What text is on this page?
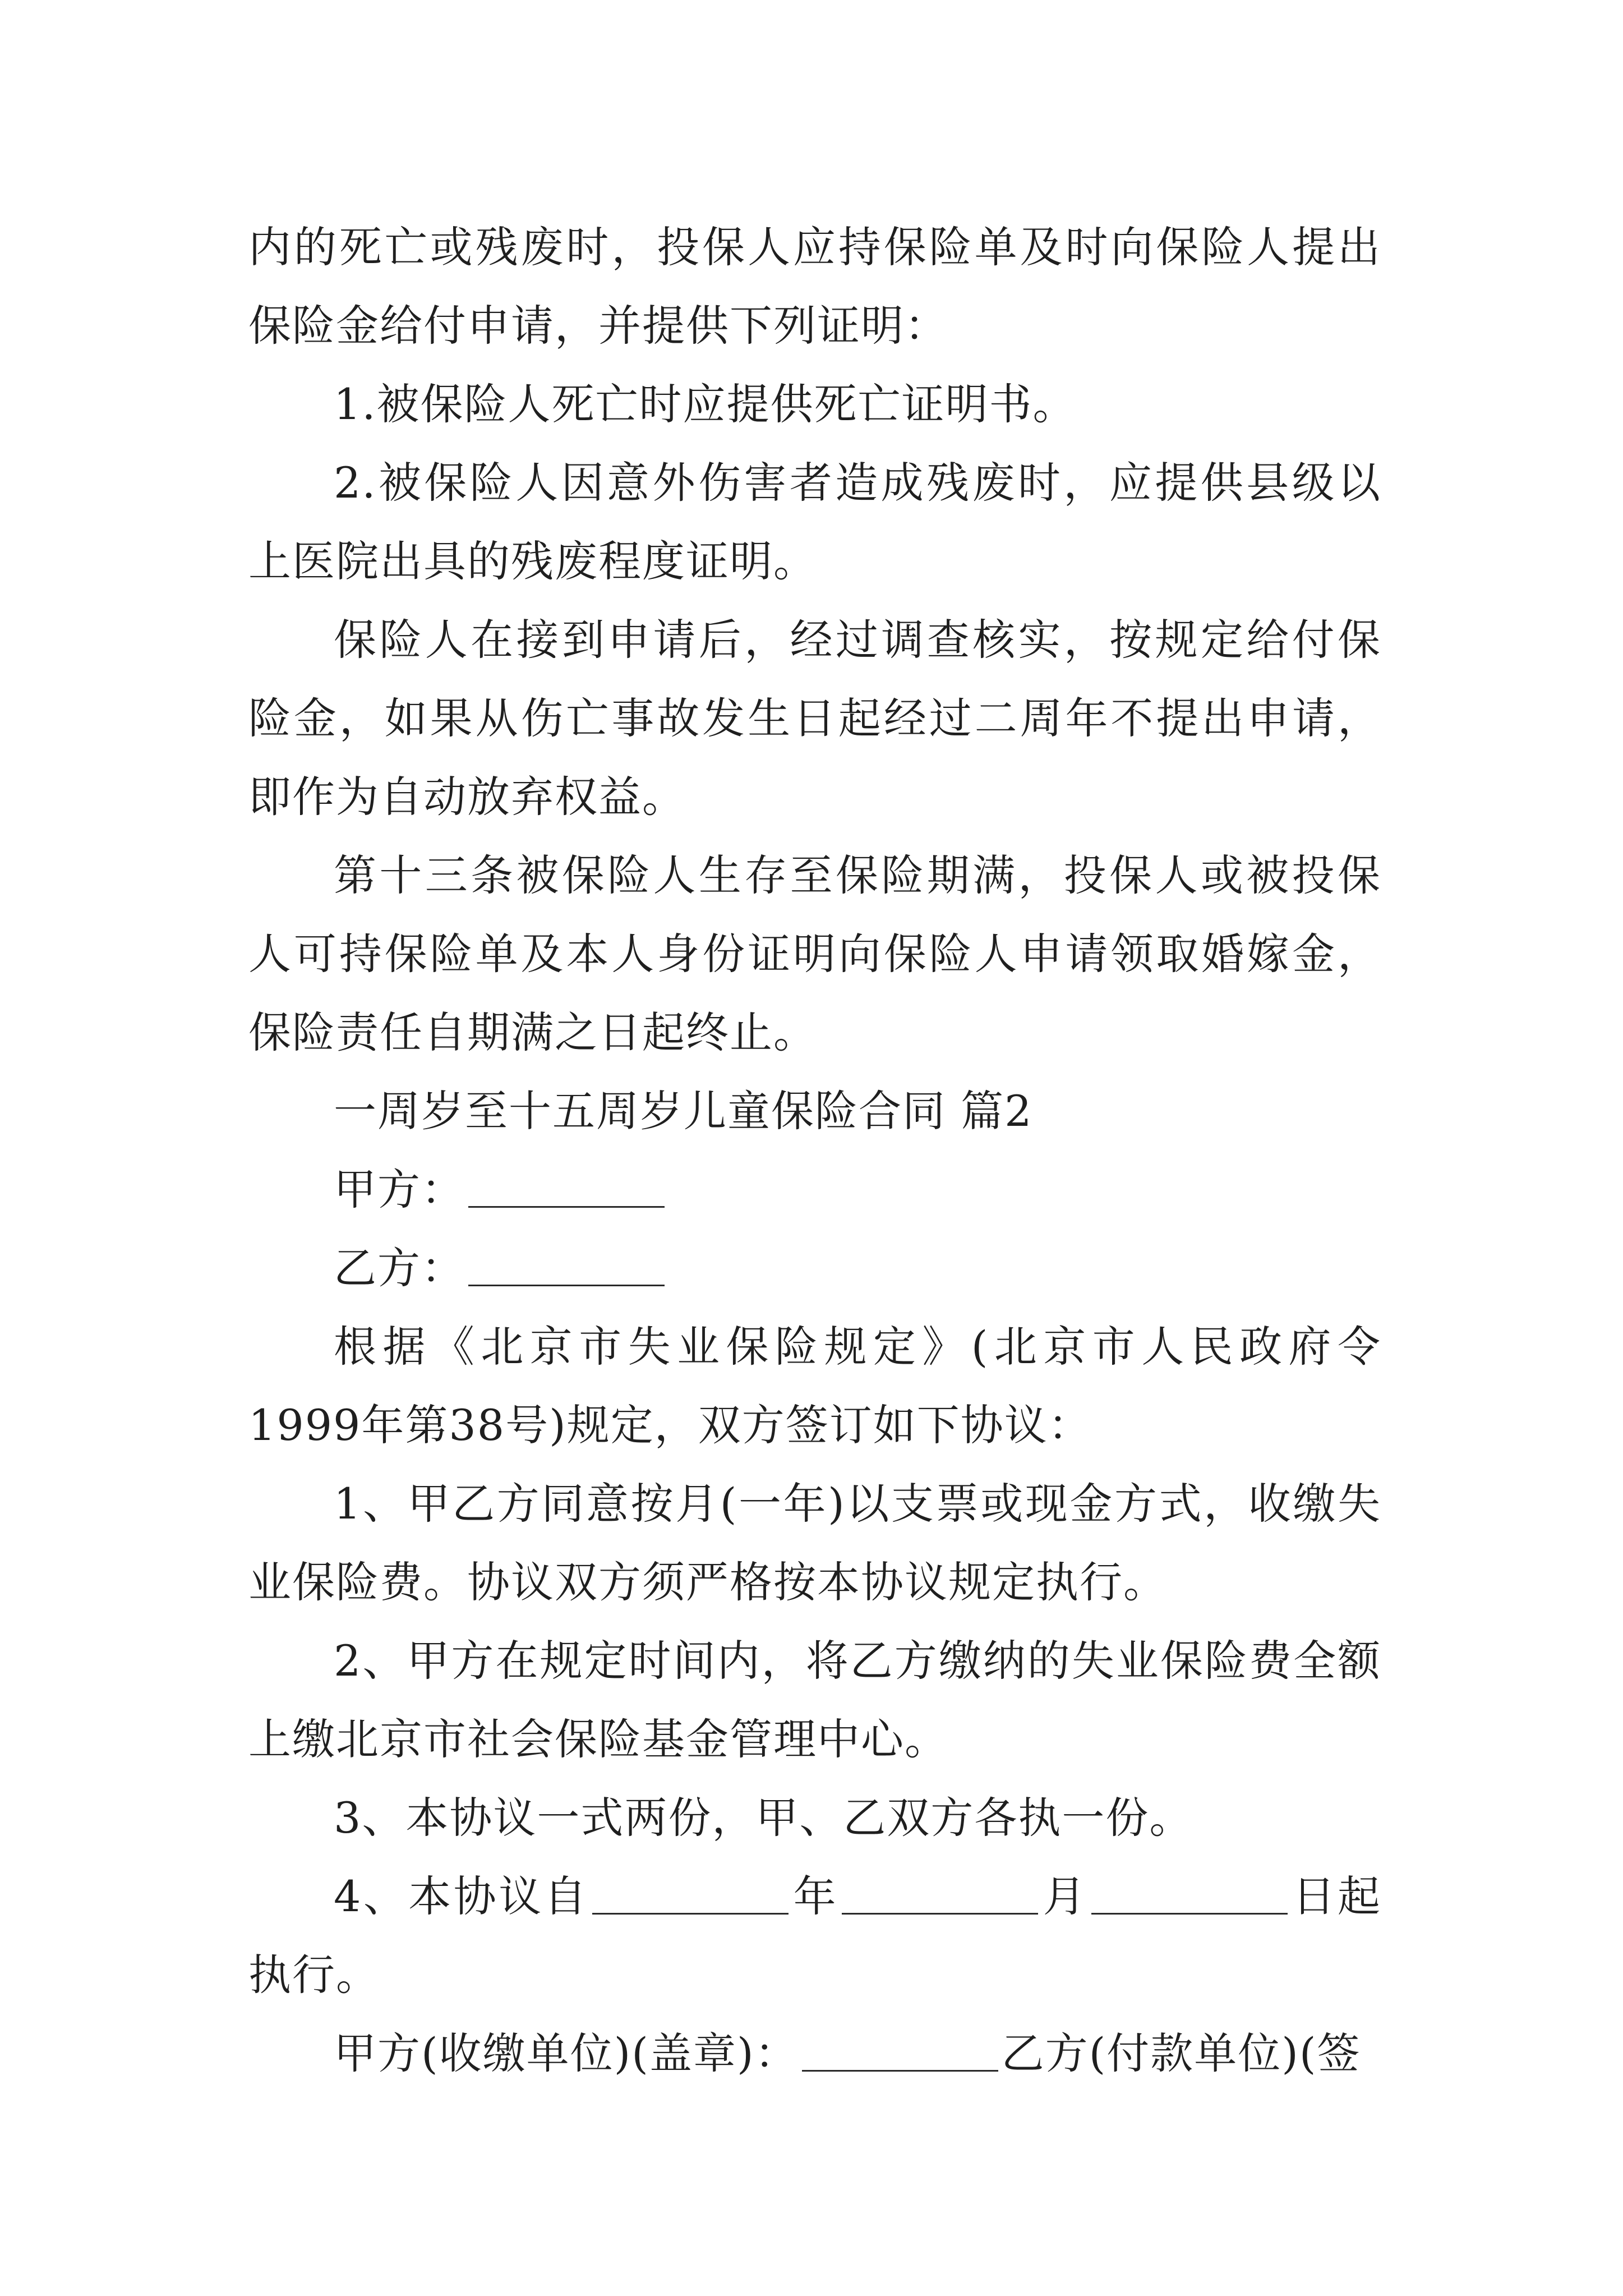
内的死亡或残废时，投保人应持保险单及时向保险人提出保险金给付申请，并提供下列证明：

1.被保险人死亡时应提供死亡证明书。

2.被保险人因意外伤害者造成残废时，应提供县级以上医院出具的残废程度证明。

保险人在接到申请后，经过调查核实，按规定给付保险金，如果从伤亡事故发生日起经过二周年不提出申请，即作为自动放弃权益。

第十三条被保险人生存至保险期满，投保人或被投保人可持保险单及本人身份证明向保险人申请领取婚嫁金，保险责任自期满之日起终止。

一周岁至十五周岁儿童保险合同 篇2

甲方：

乙方：

根据《北京市失业保险规定》(北京市人民政府令1999年第38号)规定，双方签订如下协议：

1、甲乙方同意按月(一年)以支票或现金方式，收缴失业保险费。协议双方须严格按本协议规定执行。

2、甲方在规定时间内，将乙方缴纳的失业保险费全额上缴北京市社会保险基金管理中心。

3、本协议一式两份，甲、乙双方各执一份。

4、本协议自	年	月	日起执行。

甲方(收缴单位)(盖章)：	乙方(付款单位)(签
